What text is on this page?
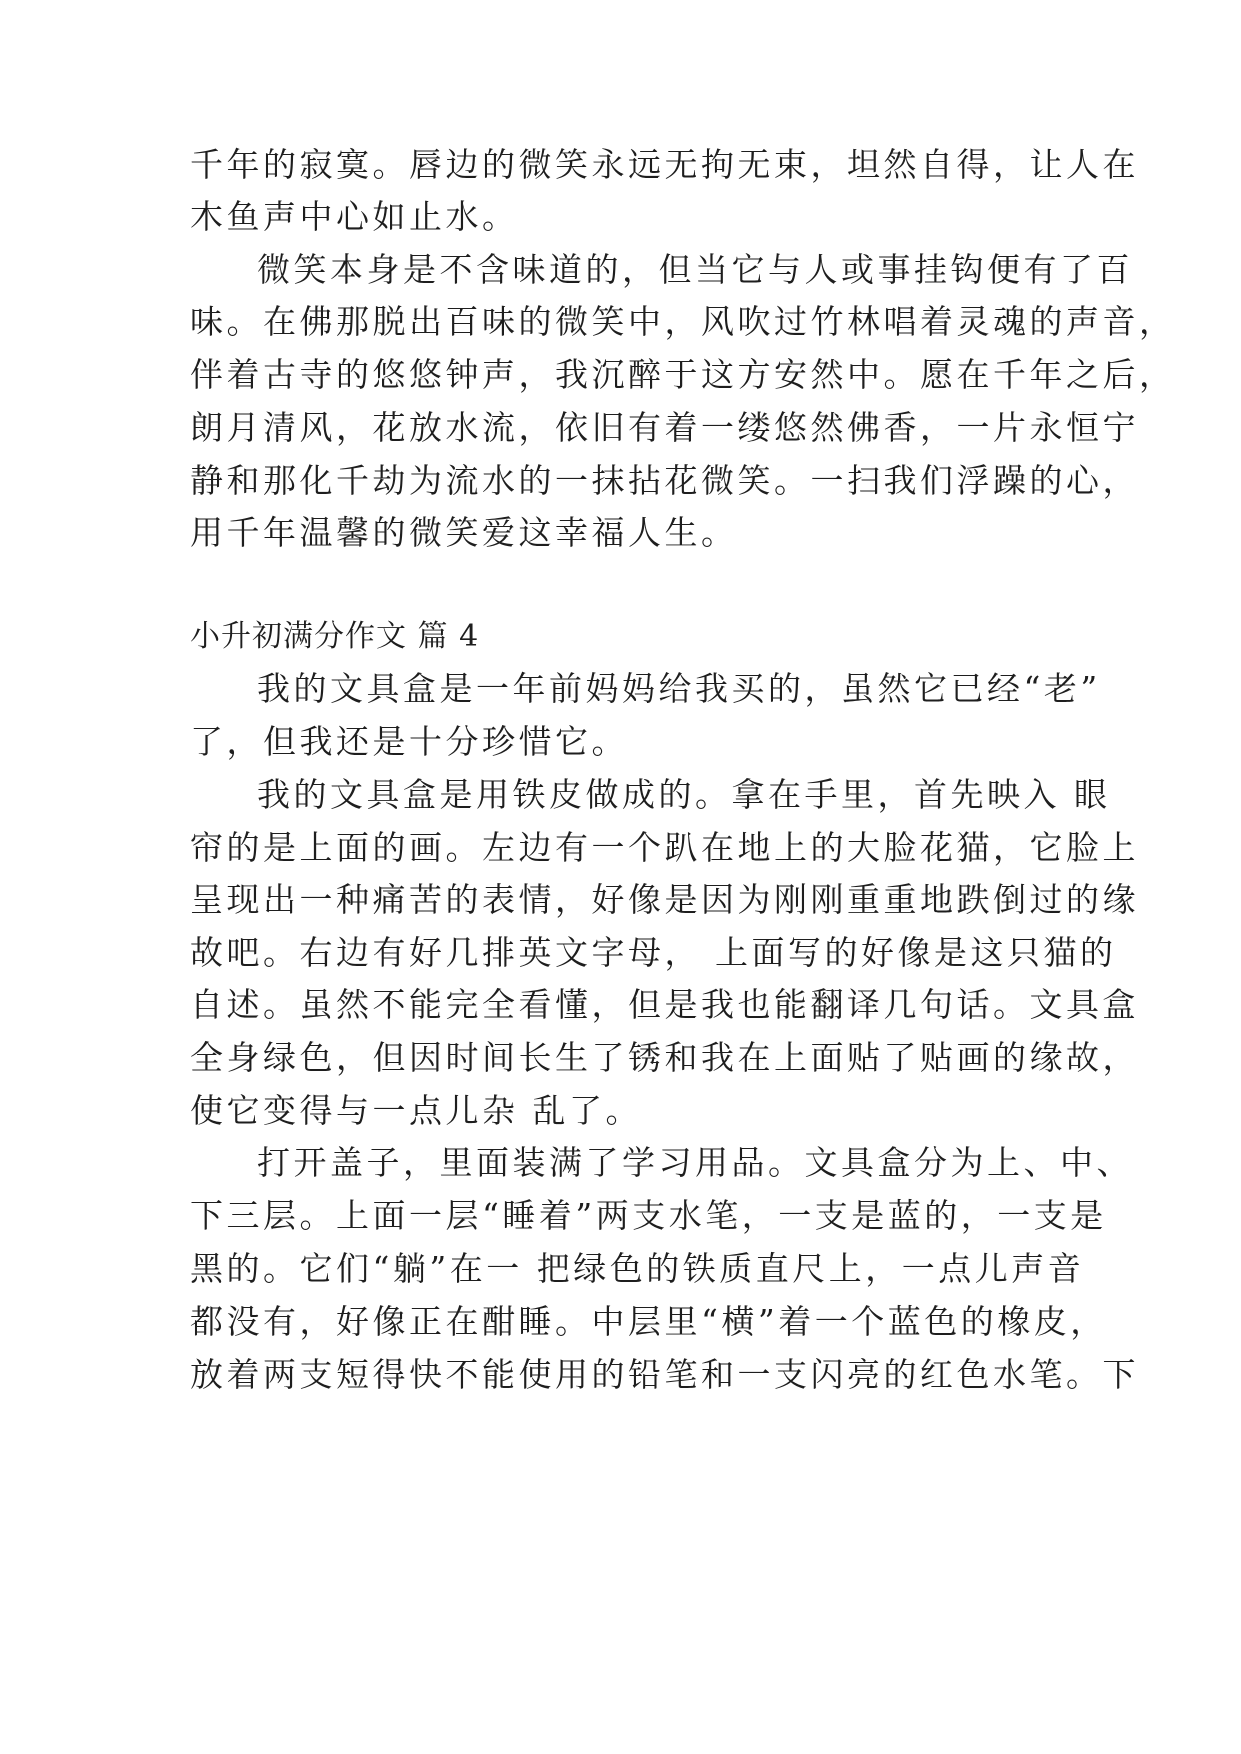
千年的寂寞。唇边的微笑永远无拘无束，坦然自得，让人在
木鱼声中心如止水。
微笑本身是不含味道的，但当它与人或事挂钩便有了百
味。在佛那脱出百味的微笑中，风吹过竹林唱着灵魂的声音，
伴着古寺的悠悠钟声，我沉醉于这方安然中。愿在千年之后，
朗月清风，花放水流，依旧有着一缕悠然佛香，一片永恒宁
静和那化千劫为流水的一抹拈花微笑。一扫我们浮躁的心，
用千年温馨的微笑爱这幸福人生。
小升初满分作文 篇 4
我的文具盒是一年前妈妈给我买的，虽然它已经“老”
了，但我还是十分珍惜它。
我的文具盒是用铁皮做成的。拿在手里，首先映入 眼
帘的是上面的画。左边有一个趴在地上的大脸花猫，它脸上
呈现出一种痛苦的表情，好像是因为刚刚重重地跌倒过的缘
故吧。右边有好几排英文字母， 上面写的好像是这只猫的
自述。虽然不能完全看懂，但是我也能翻译几句话。文具盒
全身绿色，但因时间长生了锈和我在上面贴了贴画的缘故，
使它变得与一点儿杂 乱了。
打开盖子，里面装满了学习用品。文具盒分为上、中、
下三层。上面一层“睡着”两支水笔，一支是蓝的，一支是
黑的。它们“躺”在一 把绿色的铁质直尺上，一点儿声音
都没有，好像正在酣睡。中层里“横”着一个蓝色的橡皮，
放着两支短得快不能使用的铅笔和一支闪亮的红色水笔。下
